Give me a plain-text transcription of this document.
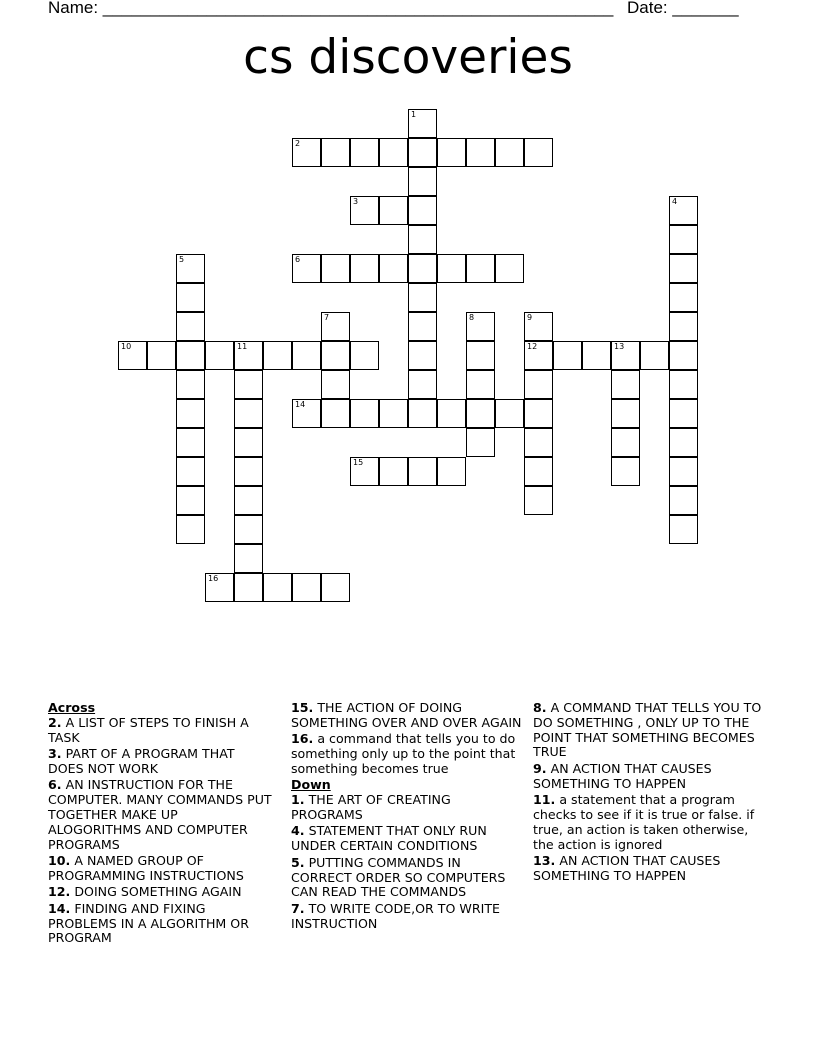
Name: ______________________________________________________ Date: _______
cs discoveries
2
3
6
10	11	12	13
14
15
16
1
4
5
7	8	9
Across
2. A LIST OF STEPS TO FINISH A TASK
3. PART OF A PROGRAM THAT DOES NOT WORK
6. AN INSTRUCTION FOR THE COMPUTER. MANY COMMANDS PUT TOGETHER MAKE UP ALOGORITHMS AND COMPUTER PROGRAMS
10. A NAMED GROUP OF PROGRAMMING INSTRUCTIONS
12. DOING SOMETHING AGAIN
14. FINDING AND FIXING PROBLEMS IN A ALGORITHM OR PROGRAM
15. THE ACTION OF DOING SOMETHING OVER AND OVER AGAIN
16. a command that tells you to do something only up to the point that something becomes true
Down
1. THE ART OF CREATING PROGRAMS
4. STATEMENT THAT ONLY RUN UNDER CERTAIN CONDITIONS
5. PUTTING COMMANDS IN CORRECT ORDER SO COMPUTERS CAN READ THE COMMANDS
7. TO WRITE CODE,OR TO WRITE INSTRUCTION
8. A COMMAND THAT TELLS YOU TO DO SOMETHING , ONLY UP TO THE POINT THAT SOMETHING BECOMES TRUE
9. AN ACTION THAT CAUSES SOMETHING TO HAPPEN
11. a statement that a program checks to see if it is true or false. if true, an action is taken otherwise, the action is ignored
13. AN ACTION THAT CAUSES SOMETHING TO HAPPEN
